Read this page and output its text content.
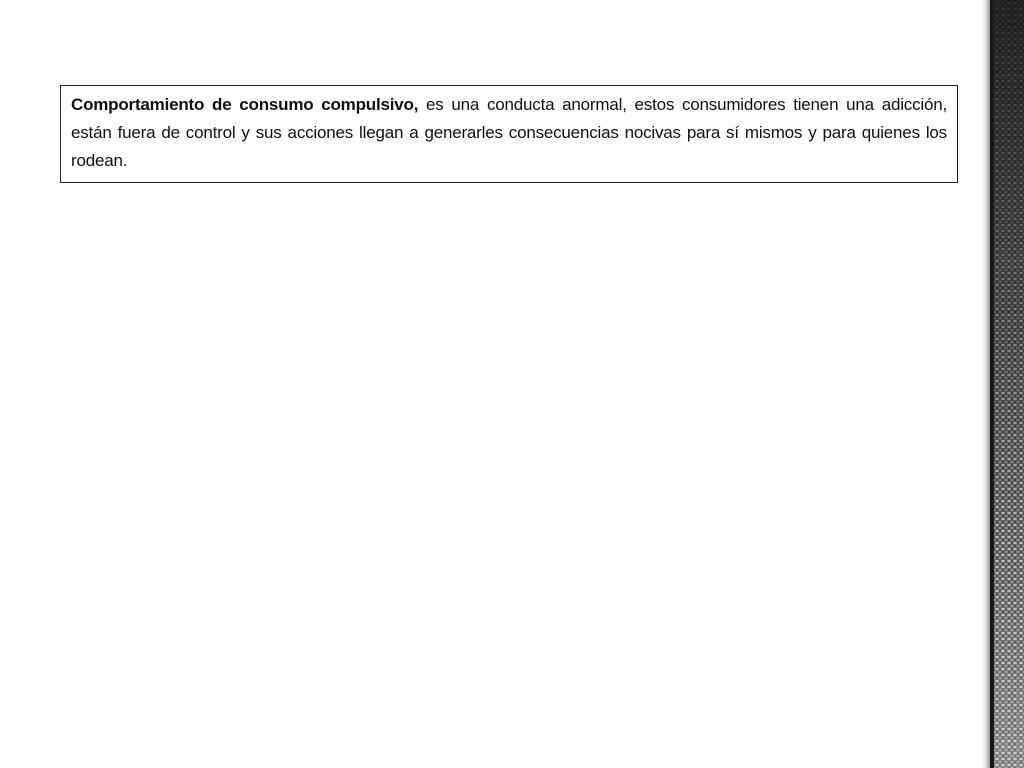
Comportamiento de consumo compulsivo, es una conducta anormal, estos consumidores tienen una adicción, están fuera de control y sus acciones llegan a generarles consecuencias nocivas para sí mismos y para quienes los rodean.
